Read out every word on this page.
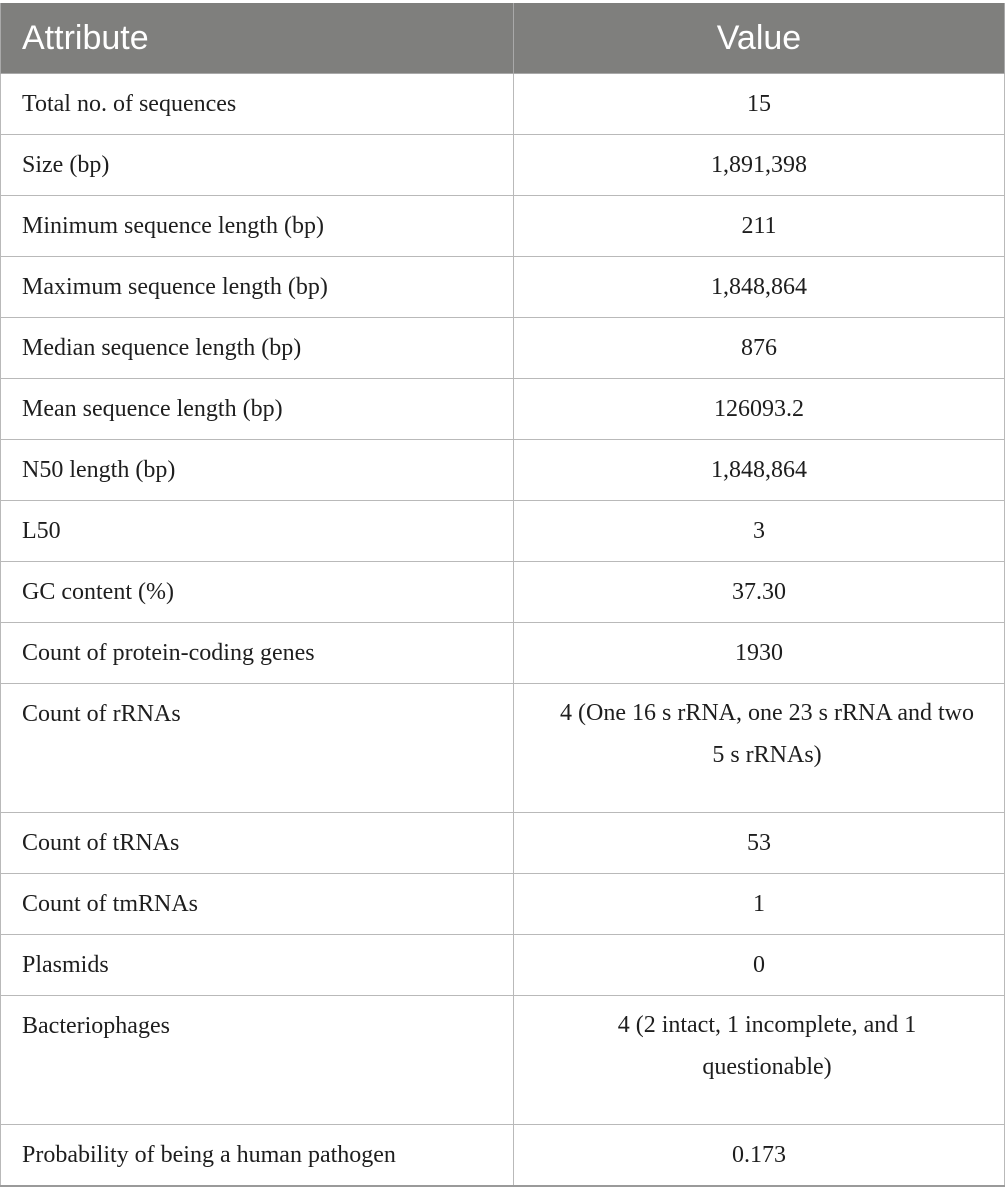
Attribute	Value
Total no. of sequences	15
Size (bp)	1,891,398
Minimum sequence length (bp)	211
Maximum sequence length (bp)	1,848,864
Median sequence length (bp)	876
Mean sequence length (bp)	126093.2
N50 length (bp)	1,848,864
L50	3
GC content (%)	37.30
Count of protein-coding genes	1930
Count of rRNAs	4 (One 16 s rRNA, one 23 s rRNA and two 5 s rRNAs)

Count of tRNAs	53
Count of tmRNAs	1
Plasmids	0
Bacteriophages	4 (2 intact, 1 incomplete, and 1 questionable)

Probability of being a human pathogen	0.173
